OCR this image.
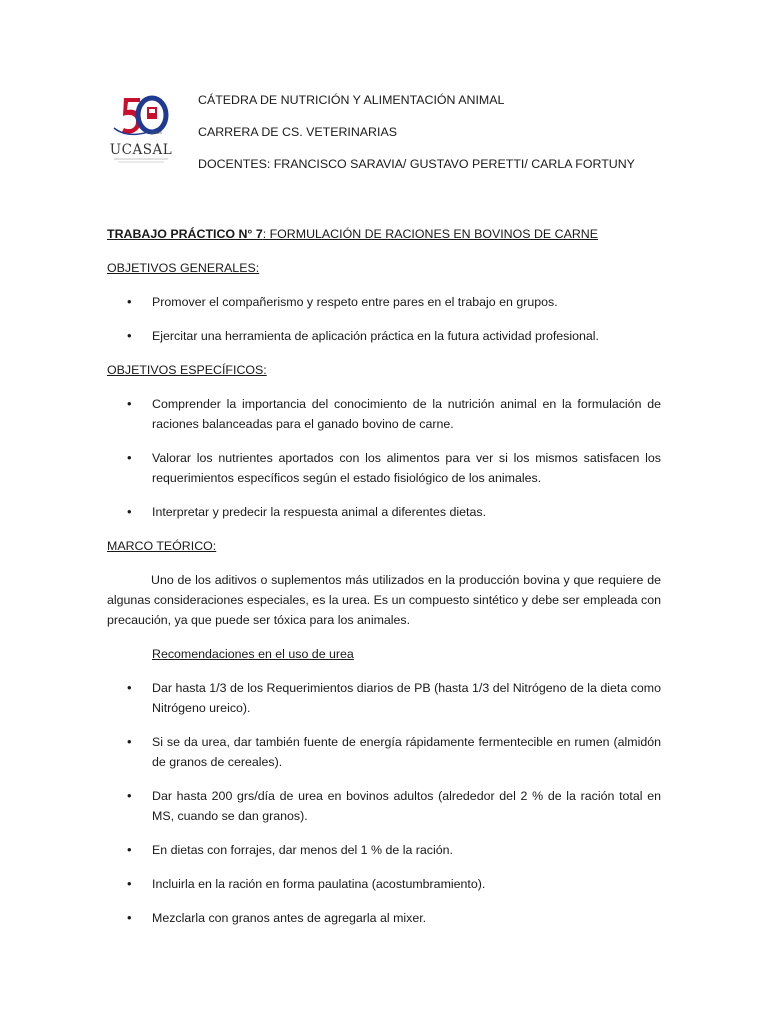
años
UCASAL
CÁTEDRA DE NUTRICIÓN Y ALIMENTACIÓN ANIMAL
CARRERA DE CS. VETERINARIAS
DOCENTES: FRANCISCO SARAVIA/ GUSTAVO PERETTI/ CARLA FORTUNY
TRABAJO PRÁCTICO N° 7: FORMULACIÓN DE RACIONES EN BOVINOS DE CARNE
OBJETIVOS GENERALES:
• Promover el compañerismo y respeto entre pares en el trabajo en grupos.
• Ejercitar una herramienta de aplicación práctica en la futura actividad profesional.
OBJETIVOS ESPECÍFICOS:
• Comprender la importancia del conocimiento de la nutrición animal en la formulación de raciones balanceadas para el ganado bovino de carne.
• Valorar los nutrientes aportados con los alimentos para ver si los mismos satisfacen los requerimientos específicos según el estado fisiológico de los animales.
• Interpretar y predecir la respuesta animal a diferentes dietas.
MARCO TEÓRICO:

Uno de los aditivos o suplementos más utilizados en la producción bovina y que requiere de algunas consideraciones especiales, es la urea. Es un compuesto sintético y debe ser empleada con precaución, ya que puede ser tóxica para los animales.

Recomendaciones en el uso de urea
• Dar hasta 1/3 de los Requerimientos diarios de PB (hasta 1/3 del Nitrógeno de la dieta como Nitrógeno ureico).
• Si se da urea, dar también fuente de energía rápidamente fermentecible en rumen (almidón de granos de cereales).
• Dar hasta 200 grs/día de urea en bovinos adultos (alrededor del 2 % de la ración total en MS, cuando se dan granos).
• En dietas con forrajes, dar menos del 1 % de la ración.
• Incluirla en la ración en forma paulatina (acostumbramiento).
• Mezclarla con granos antes de agregarla al mixer.
